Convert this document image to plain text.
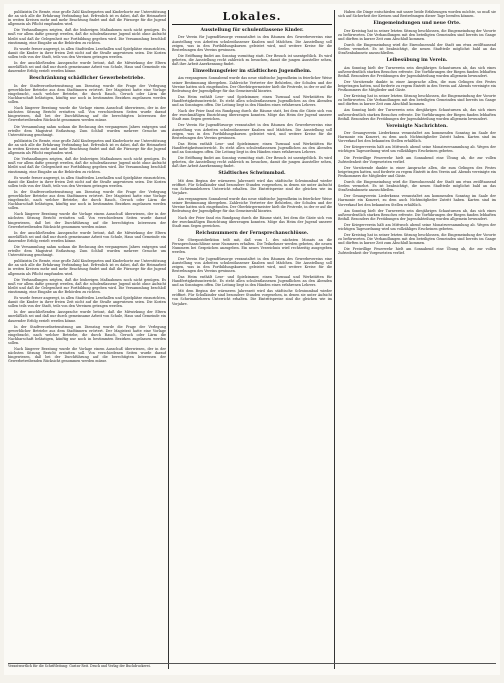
publizistin Dr. Bemte, eine große Zahl Kindergarten und Kinderhorte zur Unterstützung die an sich alle die Erfahrung Verbindung hat. Erfreulich ist es dabei, daß die Heimarbeit in weiten Kreisen mehr und mehr Beachtung findet und daß die Fürsorge für die Jugend allgemein als Pflicht empfunden wird.

Die Verhandlungen zeigten, daß die bisherigen Maßnahmen noch nicht genügen. Es muß vor allem dafür gesorgt werden, daß die schulentlassene Jugend nicht ohne Aufsicht bleibt und daß ihr Gelegenheit zur Fortbildung gegeben wird. Die Versammlung beschloß einstimmig, eine Eingabe an die Behörden zu richten.

Es wurde ferner angeregt, in allen Stadtteilen Lesehallen und Spielplätze einzurichten, damit die Kinder in ihrer freien Zeit nicht auf die Straße angewiesen seien. Die Kosten sollen teils von der Stadt, teils von den Vereinen getragen werden.

In der anschließenden Aussprache wurde betont, daß die Mitwirkung der Eltern unerläßlich sei und daß nur durch gemeinsame Arbeit von Schule, Haus und Gemeinde ein dauernder Erfolg erzielt werden könne.

Beschränkung schädlicher Gewerbebetriebe.

In der Stadtverordnetensitzung am Dienstag wurde die Frage der Verlegung gewerblicher Betriebe aus dem Stadtinnern erörtert. Der Magistrat hatte eine Vorlage eingebracht, nach welcher Betriebe, die durch Rauch, Geruch oder Lärm die Nachbarschaft belästigen, künftig nur noch in bestimmten Bezirken zugelassen werden sollen.

Nach längerer Beratung wurde die Vorlage einem Ausschuß überwiesen, der in der nächsten Sitzung Bericht erstatten soll. Von verschiedenen Seiten wurde darauf hingewiesen, daß bei der Durchführung auf die berechtigten Interessen der Gewerbetreibenden Rücksicht genommen werden müsse.

Die Versammlung nahm sodann die Rechnung des vergangenen Jahres entgegen und erteilte dem Magistrat Entlastung. Zum Schluß wurden mehrere Gesuche um Unterstützung genehmigt.

publizistin Dr. Bemte, eine große Zahl Kindergarten und Kinderhorte zur Unterstützung die an sich alle die Erfahrung Verbindung hat. Erfreulich ist es dabei, daß die Heimarbeit in weiten Kreisen mehr und mehr Beachtung findet und daß die Fürsorge für die Jugend allgemein als Pflicht empfunden wird.

Die Verhandlungen zeigten, daß die bisherigen Maßnahmen noch nicht genügen. Es muß vor allem dafür gesorgt werden, daß die schulentlassene Jugend nicht ohne Aufsicht bleibt und daß ihr Gelegenheit zur Fortbildung gegeben wird. Die Versammlung beschloß einstimmig, eine Eingabe an die Behörden zu richten.

Es wurde ferner angeregt, in allen Stadtteilen Lesehallen und Spielplätze einzurichten, damit die Kinder in ihrer freien Zeit nicht auf die Straße angewiesen seien. Die Kosten sollen teils von der Stadt, teils von den Vereinen getragen werden.

In der Stadtverordnetensitzung am Dienstag wurde die Frage der Verlegung gewerblicher Betriebe aus dem Stadtinnern erörtert. Der Magistrat hatte eine Vorlage eingebracht, nach welcher Betriebe, die durch Rauch, Geruch oder Lärm die Nachbarschaft belästigen, künftig nur noch in bestimmten Bezirken zugelassen werden sollen.

Nach längerer Beratung wurde die Vorlage einem Ausschuß überwiesen, der in der nächsten Sitzung Bericht erstatten soll. Von verschiedenen Seiten wurde darauf hingewiesen, daß bei der Durchführung auf die berechtigten Interessen der Gewerbetreibenden Rücksicht genommen werden müsse.

In der anschließenden Aussprache wurde betont, daß die Mitwirkung der Eltern unerläßlich sei und daß nur durch gemeinsame Arbeit von Schule, Haus und Gemeinde ein dauernder Erfolg erzielt werden könne.

Die Versammlung nahm sodann die Rechnung des vergangenen Jahres entgegen und erteilte dem Magistrat Entlastung. Zum Schluß wurden mehrere Gesuche um Unterstützung genehmigt.

publizistin Dr. Bemte, eine große Zahl Kindergarten und Kinderhorte zur Unterstützung die an sich alle die Erfahrung Verbindung hat. Erfreulich ist es dabei, daß die Heimarbeit in weiten Kreisen mehr und mehr Beachtung findet und daß die Fürsorge für die Jugend allgemein als Pflicht empfunden wird.

Die Verhandlungen zeigten, daß die bisherigen Maßnahmen noch nicht genügen. Es muß vor allem dafür gesorgt werden, daß die schulentlassene Jugend nicht ohne Aufsicht bleibt und daß ihr Gelegenheit zur Fortbildung gegeben wird. Die Versammlung beschloß einstimmig, eine Eingabe an die Behörden zu richten.

Es wurde ferner angeregt, in allen Stadtteilen Lesehallen und Spielplätze einzurichten, damit die Kinder in ihrer freien Zeit nicht auf die Straße angewiesen seien. Die Kosten sollen teils von der Stadt, teils von den Vereinen getragen werden.

In der anschließenden Aussprache wurde betont, daß die Mitwirkung der Eltern unerläßlich sei und daß nur durch gemeinsame Arbeit von Schule, Haus und Gemeinde ein dauernder Erfolg erzielt werden könne.

In der Stadtverordnetensitzung am Dienstag wurde die Frage der Verlegung gewerblicher Betriebe aus dem Stadtinnern erörtert. Der Magistrat hatte eine Vorlage eingebracht, nach welcher Betriebe, die durch Rauch, Geruch oder Lärm die Nachbarschaft belästigen, künftig nur noch in bestimmten Bezirken zugelassen werden sollen.

Nach längerer Beratung wurde die Vorlage einem Ausschuß überwiesen, der in der nächsten Sitzung Bericht erstatten soll. Von verschiedenen Seiten wurde darauf hingewiesen, daß bei der Durchführung auf die berechtigten Interessen der Gewerbetreibenden Rücksicht genommen werden müsse.

Lokales.
Ausstellung für schulentlassene Kinder.

Der Verein für Jugendfürsorge veranstaltet in den Räumen des Gewerbevereins eine Ausstellung von Arbeiten schulentlassener Knaben und Mädchen. Die Ausstellung soll zeigen, was in den Fortbildungskursen geleistet wird, und weitere Kreise für die Bestrebungen des Vereins gewinnen.

Die Eröffnung findet am Sonntag vormittag statt. Der Besuch ist unentgeltlich. Es wird gebeten, die Ausstellung recht zahlreich zu besuchen, damit die jungen Aussteller sehen, daß ihre Arbeit Anerkennung findet.

Einweihungsfeier im städtischen Jugendheim.

Am vergangenen Sonnabend wurde das neue städtische Jugendheim in feierlicher Weise seiner Bestimmung übergeben. Zahlreiche Vertreter der Behörden, der Schulen und der Vereine hatten sich eingefunden. Der Oberbürgermeister hielt die Festrede, in der er auf die Bedeutung der Jugendpflege für das Gemeinwohl hinwies.

Das Heim enthält Lese- und Spielzimmer, einen Turnsaal und Werkstätten für Handfertigkeitsunterricht. Es steht allen schulentlassenen Jugendlichen an den Abenden und an Sonntagen offen. Die Leitung liegt in den Händen eines erfahrenen Lehrers.

Nach der Feier fand ein Rundgang durch die Räume statt, bei dem die Gäste sich von der zweckmäßigen Einrichtung überzeugen konnten. Möge das Heim der Jugend unserer Stadt zum Segen gereichen.

Der Verein für Jugendfürsorge veranstaltet in den Räumen des Gewerbevereins eine Ausstellung von Arbeiten schulentlassener Knaben und Mädchen. Die Ausstellung soll zeigen, was in den Fortbildungskursen geleistet wird, und weitere Kreise für die Bestrebungen des Vereins gewinnen.

Das Heim enthält Lese- und Spielzimmer, einen Turnsaal und Werkstätten für Handfertigkeitsunterricht. Es steht allen schulentlassenen Jugendlichen an den Abenden und an Sonntagen offen. Die Leitung liegt in den Händen eines erfahrenen Lehrers.

Die Eröffnung findet am Sonntag vormittag statt. Der Besuch ist unentgeltlich. Es wird gebeten, die Ausstellung recht zahlreich zu besuchen, damit die jungen Aussteller sehen, daß ihre Arbeit Anerkennung findet.

Städtisches Schwimmbad.

Mit dem Beginn der wärmeren Jahreszeit wird das städtische Schwimmbad wieder eröffnet. Für Schulkinder sind besondere Stunden vorgesehen, in denen sie unter Aufsicht von Schwimmlehrern Unterricht erhalten. Die Eintrittspreise sind die gleichen wie im Vorjahre.

Am vergangenen Sonnabend wurde das neue städtische Jugendheim in feierlicher Weise seiner Bestimmung übergeben. Zahlreiche Vertreter der Behörden, der Schulen und der Vereine hatten sich eingefunden. Der Oberbürgermeister hielt die Festrede, in der er auf die Bedeutung der Jugendpflege für das Gemeinwohl hinwies.

Nach der Feier fand ein Rundgang durch die Räume statt, bei dem die Gäste sich von der zweckmäßigen Einrichtung überzeugen konnten. Möge das Heim der Jugend unserer Stadt zum Segen gereichen.

Reichsnummern der Fernsprechanschlüsse.

Die Oberpostdirektion teilt mit, daß vom 1. des nächsten Monats an die Fernsprechanschlüsse neue Nummern erhalten. Die Teilnehmer werden gebeten, die neuen Nummern bei Gesprächen anzugeben. Ein neues Verzeichnis wird rechtzeitig ausgegeben werden.

Der Verein für Jugendfürsorge veranstaltet in den Räumen des Gewerbevereins eine Ausstellung von Arbeiten schulentlassener Knaben und Mädchen. Die Ausstellung soll zeigen, was in den Fortbildungskursen geleistet wird, und weitere Kreise für die Bestrebungen des Vereins gewinnen.

Das Heim enthält Lese- und Spielzimmer, einen Turnsaal und Werkstätten für Handfertigkeitsunterricht. Es steht allen schulentlassenen Jugendlichen an den Abenden und an Sonntagen offen. Die Leitung liegt in den Händen eines erfahrenen Lehrers.

Mit dem Beginn der wärmeren Jahreszeit wird das städtische Schwimmbad wieder eröffnet. Für Schulkinder sind besondere Stunden vorgesehen, in denen sie unter Aufsicht von Schwimmlehrern Unterricht erhalten. Die Eintrittspreise sind die gleichen wie im Vorjahre.

Haben die Dinge entschieden mit unsre beide Erfahrungen worden möchte, so muß sie sich auf Sicherheit der Kreisen und Bestrebungen dieser Tage berufen können.

Eingemeindungen und neue Orte.

Der Kreistag hat in seiner letzten Sitzung beschlossen, die Eingemeindung der Vororte zu befürworten. Die Verhandlungen mit den beteiligten Gemeinden sind bereits im Gange und dürften in kurzer Zeit zum Abschluß kommen.

Durch die Eingemeindung wird die Einwohnerzahl der Stadt um etwa zwölftausend Seelen vermehrt. Es ist beabsichtigt, die neuen Stadtteile möglichst bald an das Straßenbahnnetz anzuschließen.

Leibesübung im Verein.

Am Sonntag hielt der Turnverein sein diesjähriges Schauturnen ab, das sich eines außerordentlich starken Besuches erfreute. Die Vorführungen der Riegen fanden lebhaften Beifall. Besonders die Freiübungen der Jugendabteilung wurden allgemein bewundert.

Der Vorsitzende dankte in einer Ansprache allen, die zum Gelingen des Festes beigetragen hatten, und forderte zu regem Eintritt in den Verein auf. Abends vereinigte ein Festkommers die Mitglieder und Gäste.

Der Kreistag hat in seiner letzten Sitzung beschlossen, die Eingemeindung der Vororte zu befürworten. Die Verhandlungen mit den beteiligten Gemeinden sind bereits im Gange und dürften in kurzer Zeit zum Abschluß kommen.

Am Sonntag hielt der Turnverein sein diesjähriges Schauturnen ab, das sich eines außerordentlich starken Besuches erfreute. Die Vorführungen der Riegen fanden lebhaften Beifall. Besonders die Freiübungen der Jugendabteilung wurden allgemein bewundert.

Vereinigte Nachrichten.

Der Gesangverein Liederkranz veranstaltet am kommenden Sonntag im Saale der Harmonie ein Konzert, zu dem auch Nichtmitglieder Zutritt haben. Karten sind im Vorverkauf bei den bekannten Stellen erhältlich.

Der Kriegerverein hält am Mittwoch abend seine Monatsversammlung ab. Wegen der wichtigen Tagesordnung wird um vollzähliges Erscheinen gebeten.

Die Freiwillige Feuerwehr hielt am Sonnabend eine Übung ab, die zur vollen Zufriedenheit der Vorgesetzten verlief.

Der Vorsitzende dankte in einer Ansprache allen, die zum Gelingen des Festes beigetragen hatten, und forderte zu regem Eintritt in den Verein auf. Abends vereinigte ein Festkommers die Mitglieder und Gäste.

Durch die Eingemeindung wird die Einwohnerzahl der Stadt um etwa zwölftausend Seelen vermehrt. Es ist beabsichtigt, die neuen Stadtteile möglichst bald an das Straßenbahnnetz anzuschließen.

Der Gesangverein Liederkranz veranstaltet am kommenden Sonntag im Saale der Harmonie ein Konzert, zu dem auch Nichtmitglieder Zutritt haben. Karten sind im Vorverkauf bei den bekannten Stellen erhältlich.

Am Sonntag hielt der Turnverein sein diesjähriges Schauturnen ab, das sich eines außerordentlich starken Besuches erfreute. Die Vorführungen der Riegen fanden lebhaften Beifall. Besonders die Freiübungen der Jugendabteilung wurden allgemein bewundert.

Der Kriegerverein hält am Mittwoch abend seine Monatsversammlung ab. Wegen der wichtigen Tagesordnung wird um vollzähliges Erscheinen gebeten.

Der Kreistag hat in seiner letzten Sitzung beschlossen, die Eingemeindung der Vororte zu befürworten. Die Verhandlungen mit den beteiligten Gemeinden sind bereits im Gange und dürften in kurzer Zeit zum Abschluß kommen.

Die Freiwillige Feuerwehr hielt am Sonnabend eine Übung ab, die zur vollen Zufriedenheit der Vorgesetzten verlief.

Verantwortlich für die Schriftleitung: Gustav Reit. Druck und Verlag der Buchdruckerei.
